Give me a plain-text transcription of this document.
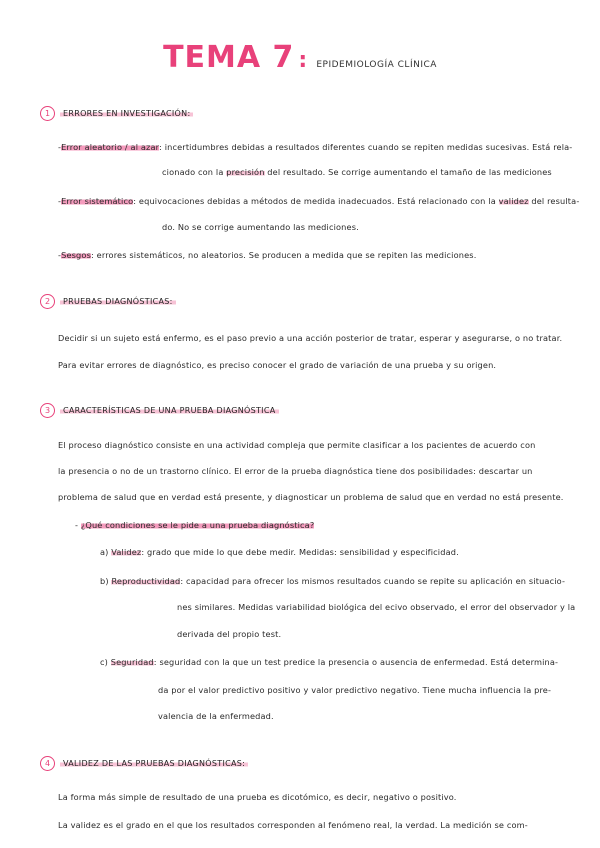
TEMA 7 : EPIDEMIOLOGÍA CLÍNICA
1	ERRORES EN INVESTIGACIÓN:
-Error aleatorio / al azar: incertidumbres debidas a resultados diferentes cuando se repiten medidas sucesivas. Está rela-
cionado con la precisión del resultado. Se corrige aumentando el tamaño de las mediciones
-Error sistemático: equivocaciones debidas a métodos de medida inadecuados. Está relacionado con la validez del resulta-
do. No se corrige aumentando las mediciones.
-Sesgos: errores sistemáticos, no aleatorios. Se producen a medida que se repiten las mediciones.
2	PRUEBAS DIAGNÓSTICAS:
Decidir si un sujeto está enfermo, es el paso previo a una acción posterior de tratar, esperar y asegurarse, o no tratar.
Para evitar errores de diagnóstico, es preciso conocer el grado de variación de una prueba y su origen.
3	CARACTERÍSTICAS DE UNA PRUEBA DIAGNÓSTICA
El proceso diagnóstico consiste en una actividad compleja que permite clasificar a los pacientes de acuerdo con
la presencia o no de un trastorno clínico. El error de la prueba diagnóstica tiene dos posibilidades: descartar un
problema de salud que en verdad está presente, y diagnosticar un problema de salud que en verdad no está presente.
- ¿Qué condiciones se le pide a una prueba diagnóstica?
a) Validez: grado que mide lo que debe medir. Medidas: sensibilidad y especificidad.
b) Reproductividad: capacidad para ofrecer los mismos resultados cuando se repite su aplicación en situacio-
nes similares. Medidas variabilidad biológica del ecivo observado, el error del observador y la
derivada del propio test.
c) Seguridad: seguridad con la que un test predice la presencia o ausencia de enfermedad. Está determina-
da por el valor predictivo positivo y valor predictivo negativo. Tiene mucha influencia la pre-
valencia de la enfermedad.
4	VALIDEZ DE LAS PRUEBAS DIAGNÓSTICAS:
La forma más simple de resultado de una prueba es dicotómico, es decir, negativo o positivo.
La validez es el grado en el que los resultados corresponden al fenómeno real, la verdad. La medición se com-
